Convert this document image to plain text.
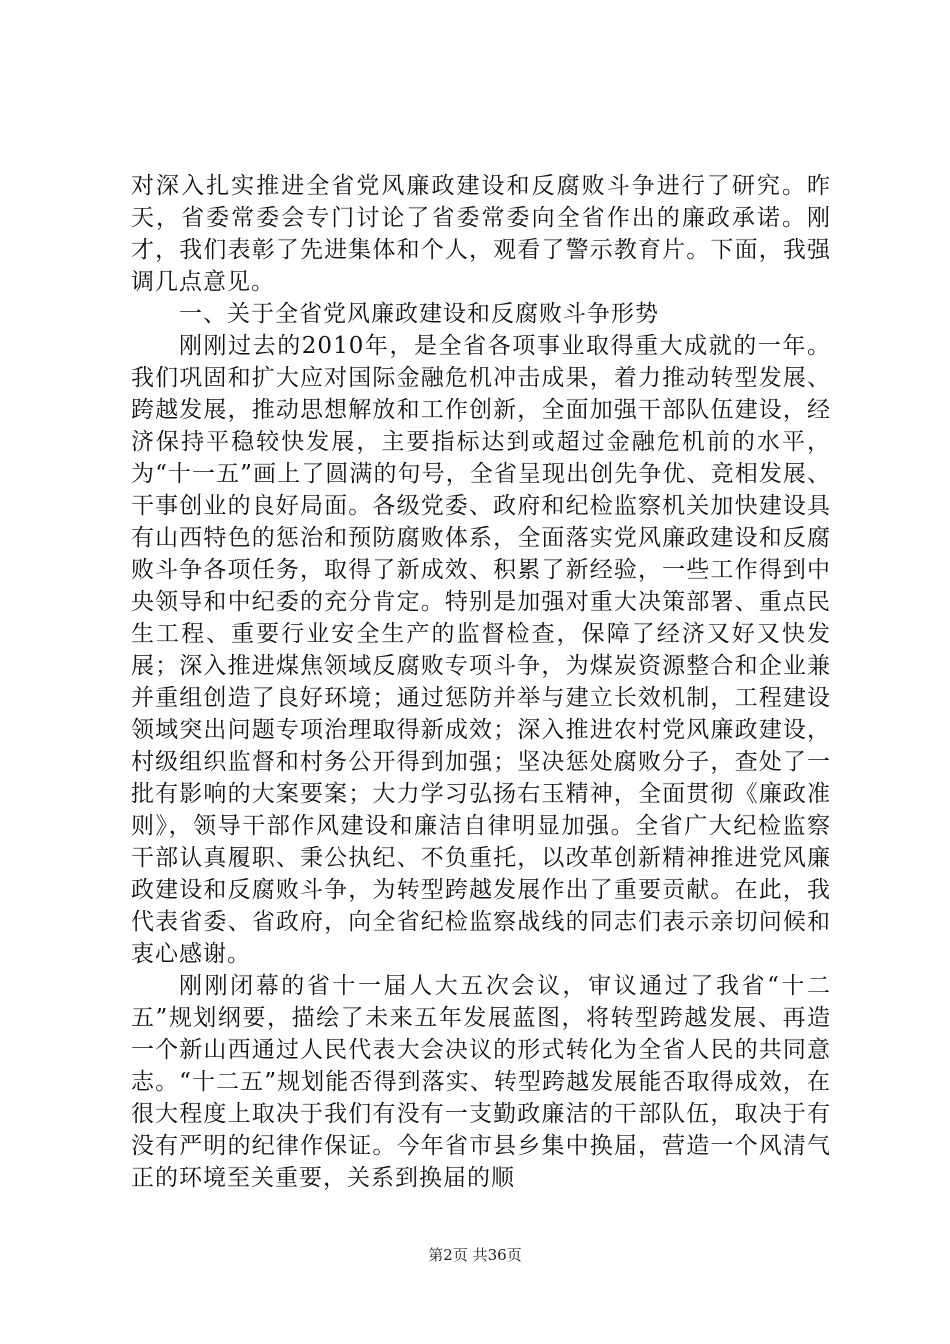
对深入扎实推进全省党风廉政建设和反腐败斗争进行了研究。昨天，省委常委会专门讨论了省委常委向全省作出的廉政承诺。刚才，我们表彰了先进集体和个人，观看了警示教育片。下面，我强调几点意见。

一、关于全省党风廉政建设和反腐败斗争形势

刚刚过去的2010年，是全省各项事业取得重大成就的一年。我们巩固和扩大应对国际金融危机冲击成果，着力推动转型发展、跨越发展，推动思想解放和工作创新，全面加强干部队伍建设，经济保持平稳较快发展，主要指标达到或超过金融危机前的水平，为“十一五”画上了圆满的句号，全省呈现出创先争优、竞相发展、干事创业的良好局面。各级党委、政府和纪检监察机关加快建设具有山西特色的惩治和预防腐败体系，全面落实党风廉政建设和反腐败斗争各项任务，取得了新成效、积累了新经验，一些工作得到中央领导和中纪委的充分肯定。特别是加强对重大决策部署、重点民生工程、重要行业安全生产的监督检查，保障了经济又好又快发展；深入推进煤焦领域反腐败专项斗争，为煤炭资源整合和企业兼并重组创造了良好环境；通过惩防并举与建立长效机制，工程建设领域突出问题专项治理取得新成效；深入推进农村党风廉政建设，村级组织监督和村务公开得到加强；坚决惩处腐败分子，查处了一批有影响的大案要案；大力学习弘扬右玉精神，全面贯彻《廉政准则》，领导干部作风建设和廉洁自律明显加强。全省广大纪检监察干部认真履职、秉公执纪、不负重托，以改革创新精神推进党风廉政建设和反腐败斗争，为转型跨越发展作出了重要贡献。在此，我代表省委、省政府，向全省纪检监察战线的同志们表示亲切问候和衷心感谢。

刚刚闭幕的省十一届人大五次会议，审议通过了我省“十二五”规划纲要，描绘了未来五年发展蓝图，将转型跨越发展、再造一个新山西通过人民代表大会决议的形式转化为全省人民的共同意志。“十二五”规划能否得到落实、转型跨越发展能否取得成效，在很大程度上取决于我们有没有一支勤政廉洁的干部队伍，取决于有没有严明的纪律作保证。今年省市县乡集中换届，营造一个风清气正的环境至关重要，关系到换届的顺

第2页 共36页
